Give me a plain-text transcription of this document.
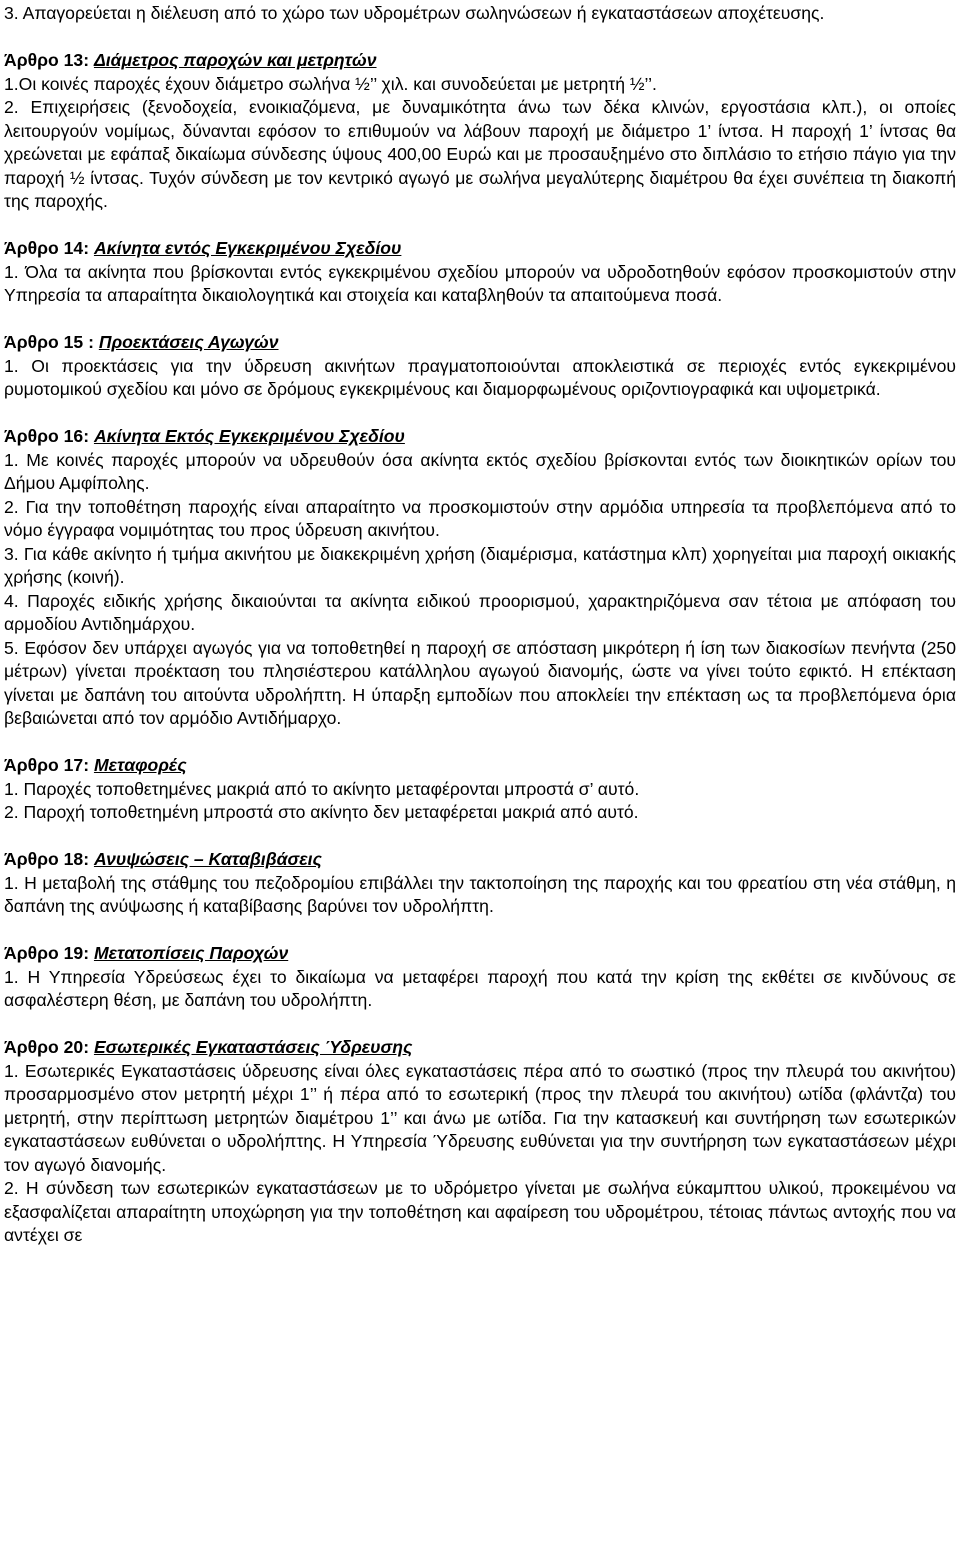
3. Απαγορεύεται η διέλευση από το χώρο των υδρομέτρων σωληνώσεων ή εγκαταστάσεων αποχέτευσης.

Άρθρο 13: Διάμετρος παροχών και μετρητών

1.Οι κοινές παροχές έχουν διάμετρο σωλήνα ½’’ χιλ. και συνοδεύεται με μετρητή ½’’.

2. Επιχειρήσεις (ξενοδοχεία, ενοικιαζόμενα, με δυναμικότητα άνω των δέκα κλινών, εργοστάσια κλπ.), οι οποίες λειτουργούν νομίμως, δύνανται εφόσον το επιθυμούν να λάβουν παροχή με διάμετρο 1’ ίντσα. Η παροχή 1’ ίντσας θα χρεώνεται με εφάπαξ δικαίωμα σύνδεσης ύψους 400,00 Ευρώ και με προσαυξημένο στο διπλάσιο το ετήσιο πάγιο για την παροχή ½ ίντσας. Τυχόν σύνδεση με τον κεντρικό αγωγό με σωλήνα μεγαλύτερης διαμέτρου θα έχει συνέπεια τη διακοπή της παροχής.

Άρθρο 14: Ακίνητα εντός Εγκεκριμένου Σχεδίου

1. Όλα τα ακίνητα που βρίσκονται εντός εγκεκριμένου σχεδίου μπορούν να υδροδοτηθούν εφόσον προσκομιστούν στην Υπηρεσία τα απαραίτητα δικαιολογητικά και στοιχεία και καταβληθούν τα απαιτούμενα ποσά.

Άρθρο 15 : Προεκτάσεις Αγωγών

1. Οι προεκτάσεις για την ύδρευση ακινήτων πραγματοποιούνται αποκλειστικά σε περιοχές εντός εγκεκριμένου ρυμοτομικού σχεδίου και μόνο σε δρόμους εγκεκριμένους και διαμορφωμένους οριζοντιογραφικά και υψομετρικά.

Άρθρο 16: Ακίνητα Εκτός Εγκεκριμένου Σχεδίου

1. Με κοινές παροχές μπορούν να υδρευθούν όσα ακίνητα εκτός σχεδίου βρίσκονται εντός των διοικητικών ορίων του Δήμου Αμφίπολης.

2. Για την τοποθέτηση παροχής είναι απαραίτητο να προσκομιστούν στην αρμόδια υπηρεσία τα προβλεπόμενα από το νόμο έγγραφα νομιμότητας του προς ύδρευση ακινήτου.

3. Για κάθε ακίνητο ή τμήμα ακινήτου με διακεκριμένη χρήση (διαμέρισμα, κατάστημα κλπ) χορηγείται μια παροχή οικιακής χρήσης (κοινή).

4. Παροχές ειδικής χρήσης δικαιούνται τα ακίνητα ειδικού προορισμού, χαρακτηριζόμενα σαν τέτοια με απόφαση του αρμοδίου Αντιδημάρχου.

5. Εφόσον δεν υπάρχει αγωγός για να τοποθετηθεί η παροχή σε απόσταση μικρότερη ή ίση των διακοσίων πενήντα (250 μέτρων) γίνεται προέκταση του πλησιέστερου κατάλληλου αγωγού διανομής, ώστε να γίνει τούτο εφικτό. Η επέκταση γίνεται με δαπάνη του αιτούντα υδρολήπτη. Η ύπαρξη εμποδίων που αποκλείει την επέκταση ως τα προβλεπόμενα όρια βεβαιώνεται από τον αρμόδιο Αντιδήμαρχο.

Άρθρο 17: Μεταφορές

1. Παροχές τοποθετημένες μακριά από το ακίνητο μεταφέρονται μπροστά σ’ αυτό.

2. Παροχή τοποθετημένη μπροστά στο ακίνητο δεν μεταφέρεται μακριά από αυτό.

Άρθρο 18: Ανυψώσεις – Καταβιβάσεις

1. Η μεταβολή της στάθμης του πεζοδρομίου επιβάλλει την τακτοποίηση της παροχής και του φρεατίου στη νέα στάθμη, η δαπάνη της ανύψωσης ή καταβίβασης βαρύνει τον υδρολήπτη.

Άρθρο 19: Μετατοπίσεις Παροχών

1. Η Υπηρεσία Υδρεύσεως έχει το δικαίωμα να μεταφέρει παροχή που κατά την κρίση της εκθέτει σε κινδύνους σε ασφαλέστερη θέση, με δαπάνη του υδρολήπτη.

Άρθρο 20: Εσωτερικές Εγκαταστάσεις Ύδρευσης

1. Εσωτερικές Εγκαταστάσεις ύδρευσης είναι όλες εγκαταστάσεις πέρα από το σωστικό (προς την πλευρά του ακινήτου) προσαρμοσμένο στον μετρητή μέχρι 1’’ ή πέρα από το εσωτερική (προς την πλευρά του ακινήτου) ωτίδα (φλάντζα) του μετρητή, στην περίπτωση μετρητών διαμέτρου 1’’ και άνω με ωτίδα. Για την κατασκευή και συντήρηση των εσωτερικών εγκαταστάσεων ευθύνεται ο υδρολήπτης. Η Υπηρεσία Ύδρευσης ευθύνεται για την συντήρηση των εγκαταστάσεων μέχρι τον αγωγό διανομής.

2. Η σύνδεση των εσωτερικών εγκαταστάσεων με το υδρόμετρο γίνεται με σωλήνα εύκαμπτου υλικού, προκειμένου να εξασφαλίζεται απαραίτητη υποχώρηση για την τοποθέτηση και αφαίρεση του υδρομέτρου, τέτοιας πάντως αντοχής που να αντέχει σε
